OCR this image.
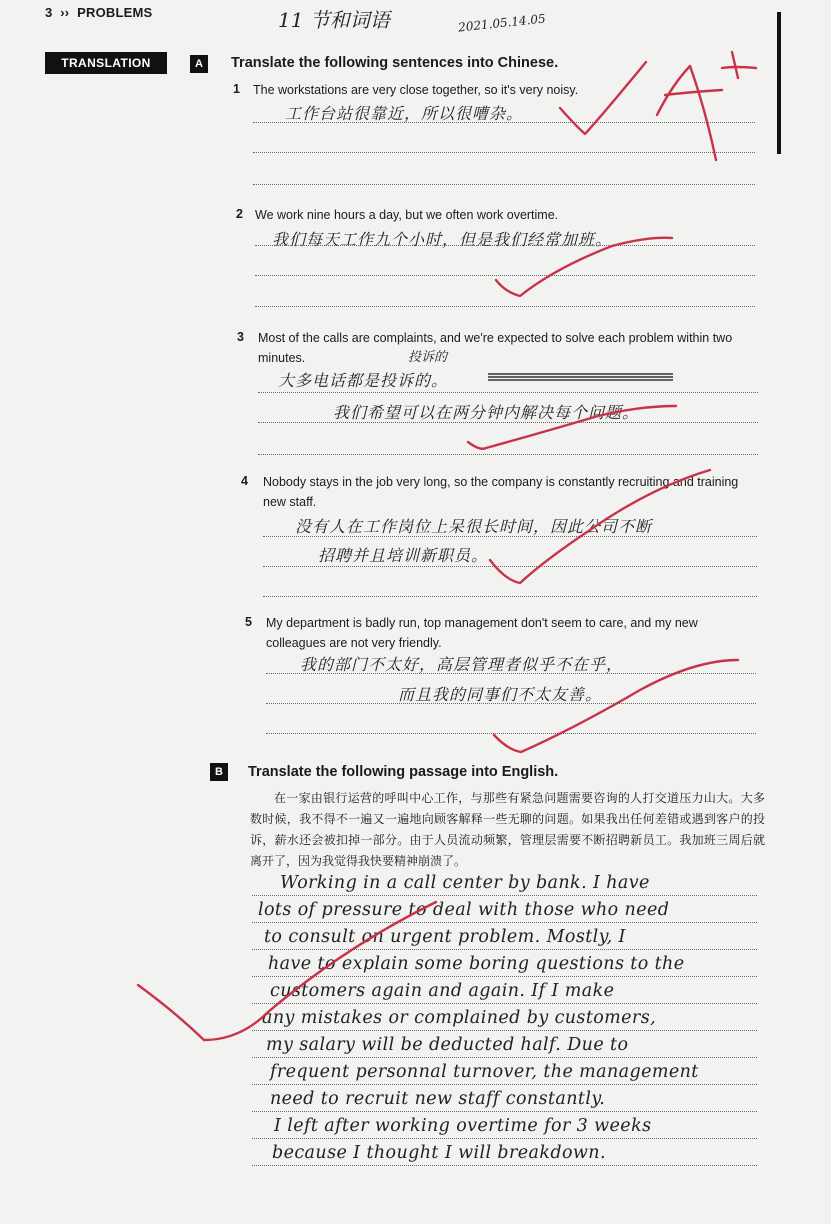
3 ›› PROBLEMS	11 节和词语	2021.05.14.05
TRANSLATION	A	Translate the following sentences into Chinese.
1 The workstations are very close together, so it's very noisy.
工作台站很靠近，所以很嘈杂。
2 We work nine hours a day, but we often work overtime.
我们每天工作九个小时，但是我们经常加班。
3 Most of the calls are complaints, and we're expected to solve each problem within two minutes.
大多电话都是投诉的。
投诉的
我们希望可以在两分钟内解决每个问题。
4 Nobody stays in the job very long, so the company is constantly recruiting and training new staff.
没有人在工作岗位上呆很长时间，因此公司不断
招聘并且培训新职员。
5 My department is badly run, top management don't seem to care, and my new colleagues are not very friendly.
我的部门不太好，高层管理者似乎不在乎，
而且我的同事们不太友善。
B	Translate the following passage into English.
在一家由银行运营的呼叫中心工作，与那些有紧急问题需要咨询的人打交道压力山大。大多数时候，我不得不一遍又一遍地向顾客解释一些无聊的问题。如果我出任何差错或遇到客户的投诉，薪水还会被扣掉一部分。由于人员流动频繁，管理层需要不断招聘新员工。我加班三周后就离开了，因为我觉得我快要精神崩溃了。
Working in a call center by bank. I have
lots of pressure to deal with those who need
to consult on urgent problem. Mostly, I
have to explain some boring questions to the
customers again and again. If I make
any mistakes or complained by customers,
my salary will be deducted half. Due to
frequent personnal turnover, the management
need to recruit new staff constantly.
I left after working overtime for 3 weeks
because I thought I will breakdown.
